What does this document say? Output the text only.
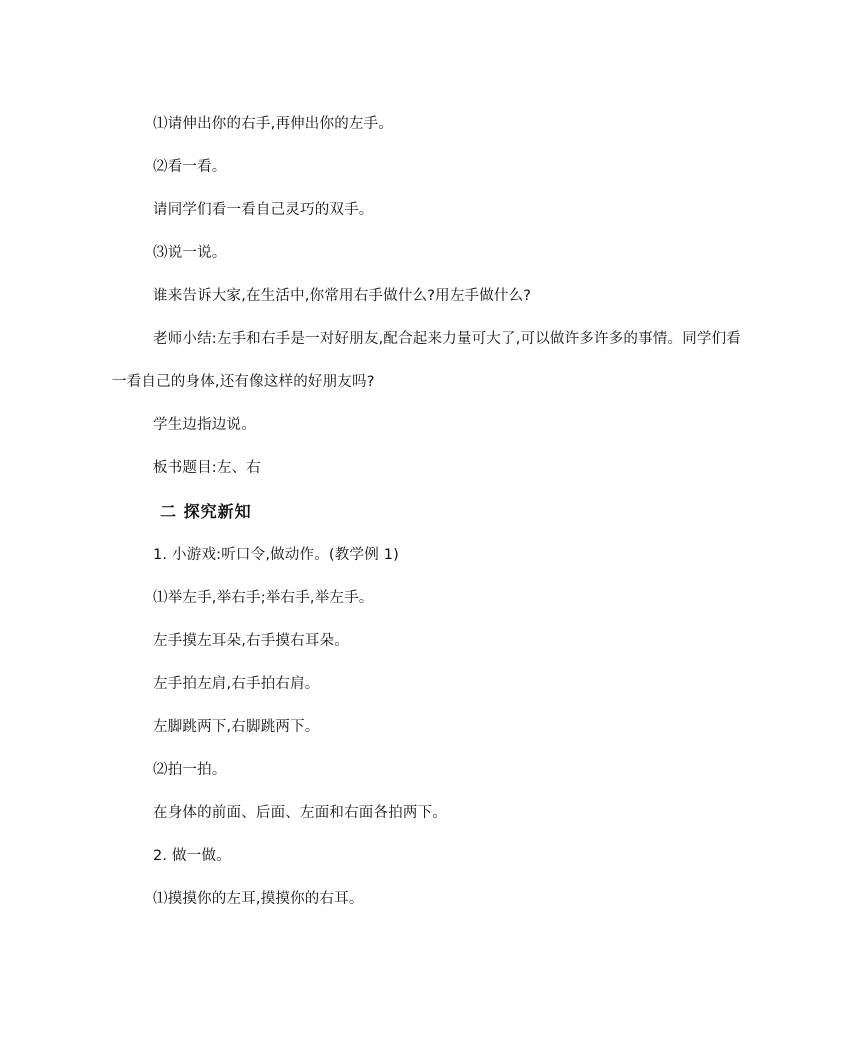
⑴请伸出你的右手,再伸出你的左手。
⑵看一看。
请同学们看一看自己灵巧的双手。
⑶说一说。
谁来告诉大家,在生活中,你常用右手做什么?用左手做什么?
老师小结:左手和右手是一对好朋友,配合起来力量可大了,可以做许多许多的事情。同学们看
一看自己的身体,还有像这样的好朋友吗?
学生边指边说。
板书题目:左、右
二 探究新知
1. 小游戏:听口令,做动作。(教学例 1)
⑴举左手,举右手;举右手,举左手。
左手摸左耳朵,右手摸右耳朵。
左手拍左肩,右手拍右肩。
左脚跳两下,右脚跳两下。
⑵拍一拍。
在身体的前面、后面、左面和右面各拍两下。
2. 做一做。
⑴摸摸你的左耳,摸摸你的右耳。
